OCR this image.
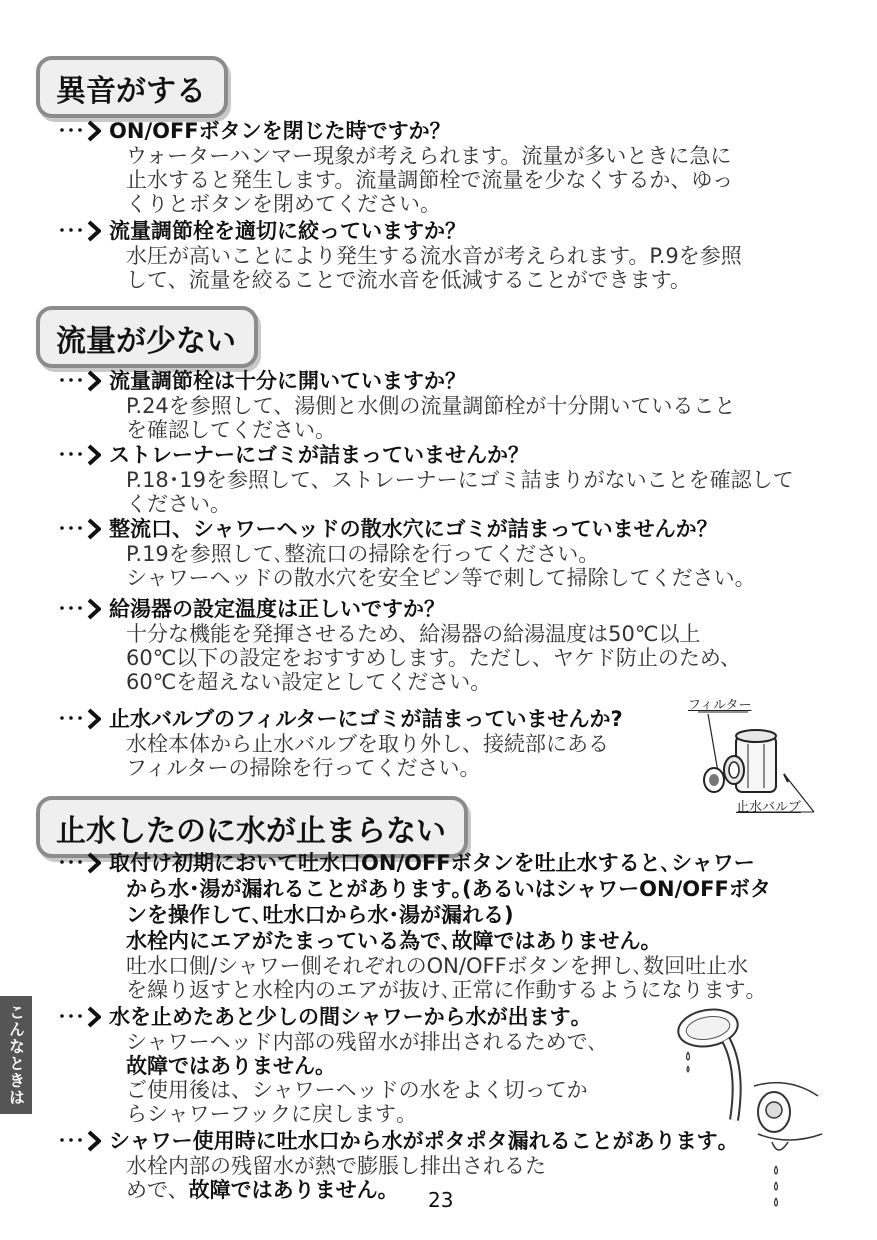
異音がする
･･･ ON/OFFボタンを閉じた時ですか？
ウォーターハンマー現象が考えられます。流量が多いときに急に
止水すると発生します。流量調節栓で流量を少なくするか、ゆっ
くりとボタンを閉めてください。
･･･ 流量調節栓を適切に絞っていますか？
水圧が高いことにより発生する流水音が考えられます。P.9を参照
して、流量を絞ることで流水音を低減することができます。
流量が少ない
･･･ 流量調節栓は十分に開いていますか？
P.24を参照して、湯側と水側の流量調節栓が十分開いていること
を確認してください。
･･･ ストレーナーにゴミが詰まっていませんか？
P.18･19を参照して、ストレーナーにゴミ詰まりがないことを確認して
ください。
･･･ 整流口、シャワーヘッドの散水穴にゴミが詰まっていませんか？
P.19を参照して､整流口の掃除を行ってください。
シャワーヘッドの散水穴を安全ピン等で刺して掃除してください。
･･･ 給湯器の設定温度は正しいですか？
十分な機能を発揮させるため、給湯器の給湯温度は50℃以上
60℃以下の設定をおすすめします。ただし、ヤケド防止のため、
60℃を超えない設定としてください。
･･･ 止水バルブのフィルターにゴミが詰まっていませんか?
水栓本体から止水バルブを取り外し、接続部にある
フィルターの掃除を行ってください。
フィルター
止水バルブ
止水したのに水が止まらない
･･･ 取付け初期において吐水口ON/OFFボタンを吐止水すると､シャワー
から水･湯が漏れることがあります｡(あるいはシャワーON/OFFボタ
ンを操作して､吐水口から水･湯が漏れる)
水栓内にエアがたまっている為で､故障ではありません｡
吐水口側/シャワー側それぞれのON/OFFボタンを押し､数回吐止水
を繰り返すと水栓内のエアが抜け､正常に作動するようになります｡
･･･ 水を止めたあと少しの間シャワーから水が出ます｡
シャワーヘッド内部の残留水が排出されるためで､
故障ではありません｡
ご使用後は、シャワーヘッドの水をよく切ってか
らシャワーフックに戻します｡
･･･ シャワー使用時に吐水口から水がポタポタ漏れることがあります｡
水栓内部の残留水が熱で膨脹し排出されるた
めで、故障ではありません｡
こんなときは
23
